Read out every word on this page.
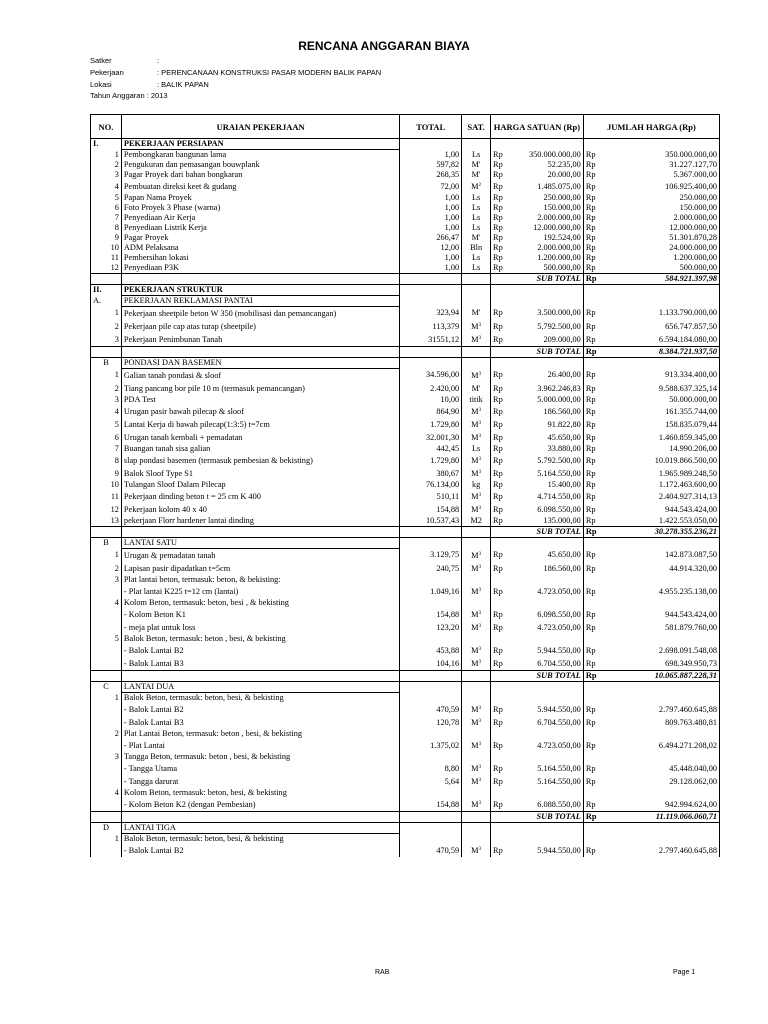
RENCANA ANGGARAN BIAYA
Satker	:
Pekerjaan	: PERENCANAAN KONSTRUKSI PASAR MODERN BALIK PAPAN
Lokasi	: BALIK PAPAN
Tahun Anggaran : 2013
NO.	URAIAN PEKERJAAN	TOTAL	SAT.	HARGA SATUAN (Rp)		JUMLAH HARGA (Rp)	
I.	PEKERJAAN PERSIAPAN						
1	Pembongkaran bangunan lama	1,00	Ls	Rp	350.000.000,00	Rp	350.000.000,00
2	Pengukuran dan pemasangan bouwplank	597,82	M'	Rp	52.235,00	Rp	31.227.127,70
3	Pagar Proyek dari bahan bongkaran	268,35	M'	Rp	20.000,00	Rp	5.367.000,00
4	Pembuatan direksi keet & gudang	72,00	$M^2$	Rp	1.485.075,00	Rp	106.925.400,00
5	Papan Nama Proyek	1,00	Ls	Rp	250.000,00	Rp	250.000,00
6	Foto Proyek 3 Phase (warna)	1,00	Ls	Rp	150.000,00	Rp	150.000,00
7	Penyediaan Air Kerja	1,00	Ls	Rp	2.000.000,00	Rp	2.000.000,00
8	Penyediaan Listrik Kerja	1,00	Ls	Rp	12.000.000,00	Rp	12.000.000,00
9	Pagar Proyek	266,47	M'	Rp	192.524,00	Rp	51.301.870,28
10	ADM Pelaksana	12,00	Bln	Rp	2.000.000,00	Rp	24.000.000,00
11	Pembersihan lokasi	1,00	Ls	Rp	1.200.000,00	Rp	1.200.000,00
12	Penyediaan P3K	1,00	Ls	Rp	500.000,00	Rp	500.000,00
					SUB TOTAL	Rp	584.921.397,98
II.	PEKERJAAN STRUKTUR						
A.	PEKERJAAN REKLAMASI PANTAI						
1	Pekerjaan sheetpile beton W 350 (mobilisasi dan pemancangan)	323,94	M'	Rp	3.500.000,00	Rp	1.133.790.000,00
2	Pekerjaan pile cap atas turap (sheetpile)	113,379	$M^3$	Rp	5.792.500,00	Rp	656.747.857,50
3	Pekerjaan Penimbunan Tanah	31551,12	$M^3$	Rp	209.000,00	Rp	6.594.184.080,00
					SUB TOTAL	Rp	8.384.721.937,50
B	PONDASI DAN BASEMEN						
1	Galian tanah pondasi & sloof	34.596,00	$M^3$	Rp	26.400,00	Rp	913.334.400,00
2	Tiang pancang bor pile 10 m (termasuk pemancangan)	2.420,00	M'	Rp	3.962.246,83	Rp	9.588.637.325,14
3	PDA Test	10,00	titik	Rp	5.000.000,00	Rp	50.000.000,00
4	Urugan pasir bawah pilecap & sloof	864,90	$M^3$	Rp	186.560,00	Rp	161.355.744,00
5	Lantai Kerja di bawah pilecap(1:3:5) t=7cm	1.729,80	$M^3$	Rp	91.822,80	Rp	158.835.079,44
6	Urugan tanah kembali + pemadatan	32.001,30	$M^3$	Rp	45.650,00	Rp	1.460.859.345,00
7	Buangan tanah sisa galian	442,45	Ls	Rp	33.880,00	Rp	14.990.206,00
8	slap pondasi basemen (termasuk pembesian & bekisting)	1.729,80	$M^3$	Rp	5.792.500,00	Rp	10.019.866.500,00
9	Balok Sloof Type S1	380,67	$M^3$	Rp	5.164.550,00	Rp	1.965.989.248,50
10	Tulangan Sloof Dalam Pilecap	76.134,00	kg	Rp	15.400,00	Rp	1.172.463.600,00
11	Pekerjaan dinding beton t = 25 cm K 400	510,11	$M^3$	Rp	4.714.550,00	Rp	2.404.927.314,13
12	Pekerjaan kolom 40 x 40	154,88	$M^3$	Rp	6.098.550,00	Rp	944.543.424,00
13	pekerjaan Florr hardener lantai dinding	10.537,43	M2	Rp	135.000,00	Rp	1.422.553.050,00
					SUB TOTAL	Rp	30.278.355.236,21
B	LANTAI SATU						
1	Urugan & pemadatan tanah	3.129,75	$M^3$	Rp	45.650,00	Rp	142.873.087,50
2	Lapisan pasir dipadatkan t=5cm	240,75	$M^3$	Rp	186.560,00	Rp	44.914.320,00
3	Plat lantai beton, termasuk: beton, & bekisting:						
	- Plat lantai K225 t=12 cm (lantai)	1.049,16	$M^3$	Rp	4.723.050,00	Rp	4.955.235.138,00
4	Kolom Beton, termasuk: beton, besi , & bekisting						
	- Kolom Beton K1	154,88	$M^3$	Rp	6.098.550,00	Rp	944.543.424,00
	- meja plat untuk loss	123,20	$M^3$	Rp	4.723.050,00	Rp	581.879.760,00
5	Balok Beton, termasuk: beton , besi, & bekisting						
	- Balok Lantai B2	453,88	$M^3$	Rp	5.944.550,00	Rp	2.698.091.548,08
	- Balok Lantai B3	104,16	$M^3$	Rp	6.704.550,00	Rp	698.349.950,73
					SUB TOTAL	Rp	10.065.887.228,31
C	LANTAI DUA						
1	Balok Beton, termasuk: beton, besi, & bekisting						
	- Balok Lantai B2	470,59	$M^3$	Rp	5.944.550,00	Rp	2.797.460.645,88
	- Balok Lantai B3	120,78	$M^3$	Rp	6.704.550,00	Rp	809.763.480,81
2	Plat Lantai Beton, termasuk: beton , besi, & bekisting						
	- Plat Lantai	1.375,02	$M^3$	Rp	4.723.050,00	Rp	6.494.271.208,02
3	Tangga Beton, termasuk: beton , besi, & bekisting						
	- Tangga Utama	8,80	$M^3$	Rp	5.164.550,00	Rp	45.448.040,00
	- Tangga darurat	5,64	$M^3$	Rp	5.164.550,00	Rp	29.128.062,00
4	Kolom Beton, termasuk: beton, besi, & bekisting						
	- Kolom Beton K2 (dengan Pembesian)	154,88	$M^3$	Rp	6.088.550,00	Rp	942.994.624,00
					SUB TOTAL	Rp	11.119.066.060,71
D	LANTAI TIGA						
1	Balok Beton, termasuk: beton, besi, & bekisting						
	- Balok Lantai B2	470,59	$M^3$	Rp	5.944.550,00	Rp	2.797.460.645,88
RAB	Page 1
